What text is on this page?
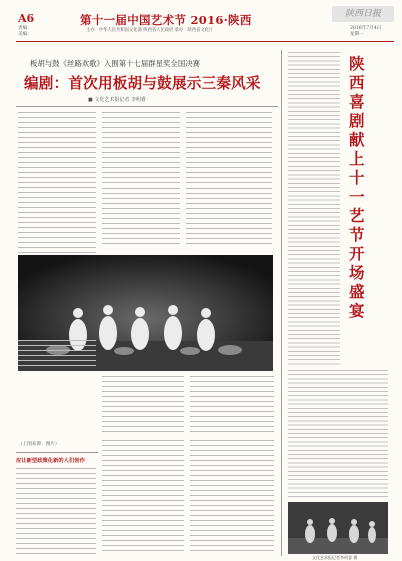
A6
责编：
美编：
第十一届中国艺术节 2016·陕西
主办：中华人民共和国文化部 陕西省人民政府 承办：陕西省文化厅
陕西日报
2016年7月4日
星期一
板胡与鼓《丝路欢歌》入围第十七届群星奖全国决赛
编剧：首次用板胡与鼓展示三秦风采
■ 文化艺术报记者 李明睿
（上图来源：图片）
应让新型政策化新的人们创作
陕西喜剧献上十一艺节开场盛宴
文化艺术报记者李明睿 摄
